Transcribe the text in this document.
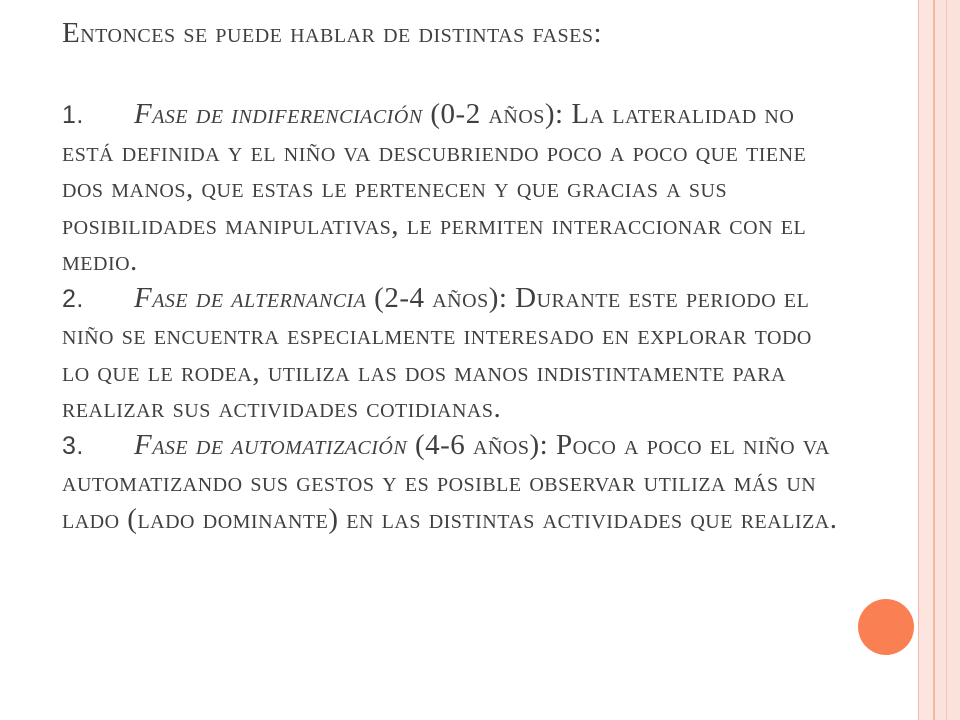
Entonces se puede hablar de distintas fases:

1. Fase de indiferenciación (0-2 años): La lateralidad no está definida y el niño va descubriendo poco a poco que tiene dos manos, que estas le pertenecen y que gracias a sus posibilidades manipulativas, le permiten interaccionar con el medio.

2. Fase de alternancia (2-4 años): Durante este periodo el niño se encuentra especialmente interesado en explorar todo lo que le rodea, utiliza las dos manos indistintamente para realizar sus actividades cotidianas.

3. Fase de automatización (4-6 años): Poco a poco el niño va automatizando sus gestos y es posible observar utiliza más un lado (lado dominante) en las distintas actividades que realiza.
